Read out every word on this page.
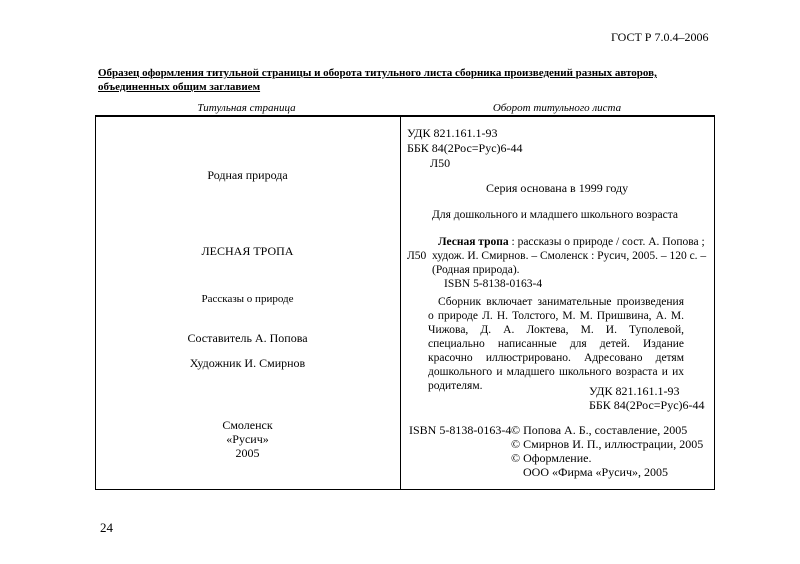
ГОСТ Р 7.0.4–2006
Образец оформления титульной страницы и оборота титульного листа сборника произведений разных авторов,
объединенных общим заглавием
Титульная страница	Оборот титульного листа
Родная природа
ЛЕСНАЯ ТРОПА
Рассказы о природе
Составитель А. Попова
Художник И. Смирнов
Смоленск
«Русич»
2005
УДК 821.161.1-93
ББК 84(2Рос=Рус)6-44
Л50
Серия основана в 1999 году
Для дошкольного и младшего школьного возраста
Лесная тропа : рассказы о природе / сост. А. Попова ;
Л50 худож. И. Смирнов. – Смоленск : Русич, 2005. – 120 с. –
(Родная природа).
ISBN 5-8138-0163-4
Сборник включает занимательные произведения
о природе Л. Н. Толстого, М. М. Пришвина, А. М.
Чижова, Д. А. Локтева, М. И. Туполевой,
специально написанные для детей. Издание
красочно иллюстрировано. Адресовано детям
дошкольного и младшего школьного возраста и их
родителям.	УДК 821.161.1-93
ББК 84(2Рос=Рус)6-44
ISBN 5-8138-0163-4 © Попова А. Б., составление, 2005
© Смирнов И. П., иллюстрации, 2005
© Оформление.
ООО «Фирма «Русич», 2005
24
